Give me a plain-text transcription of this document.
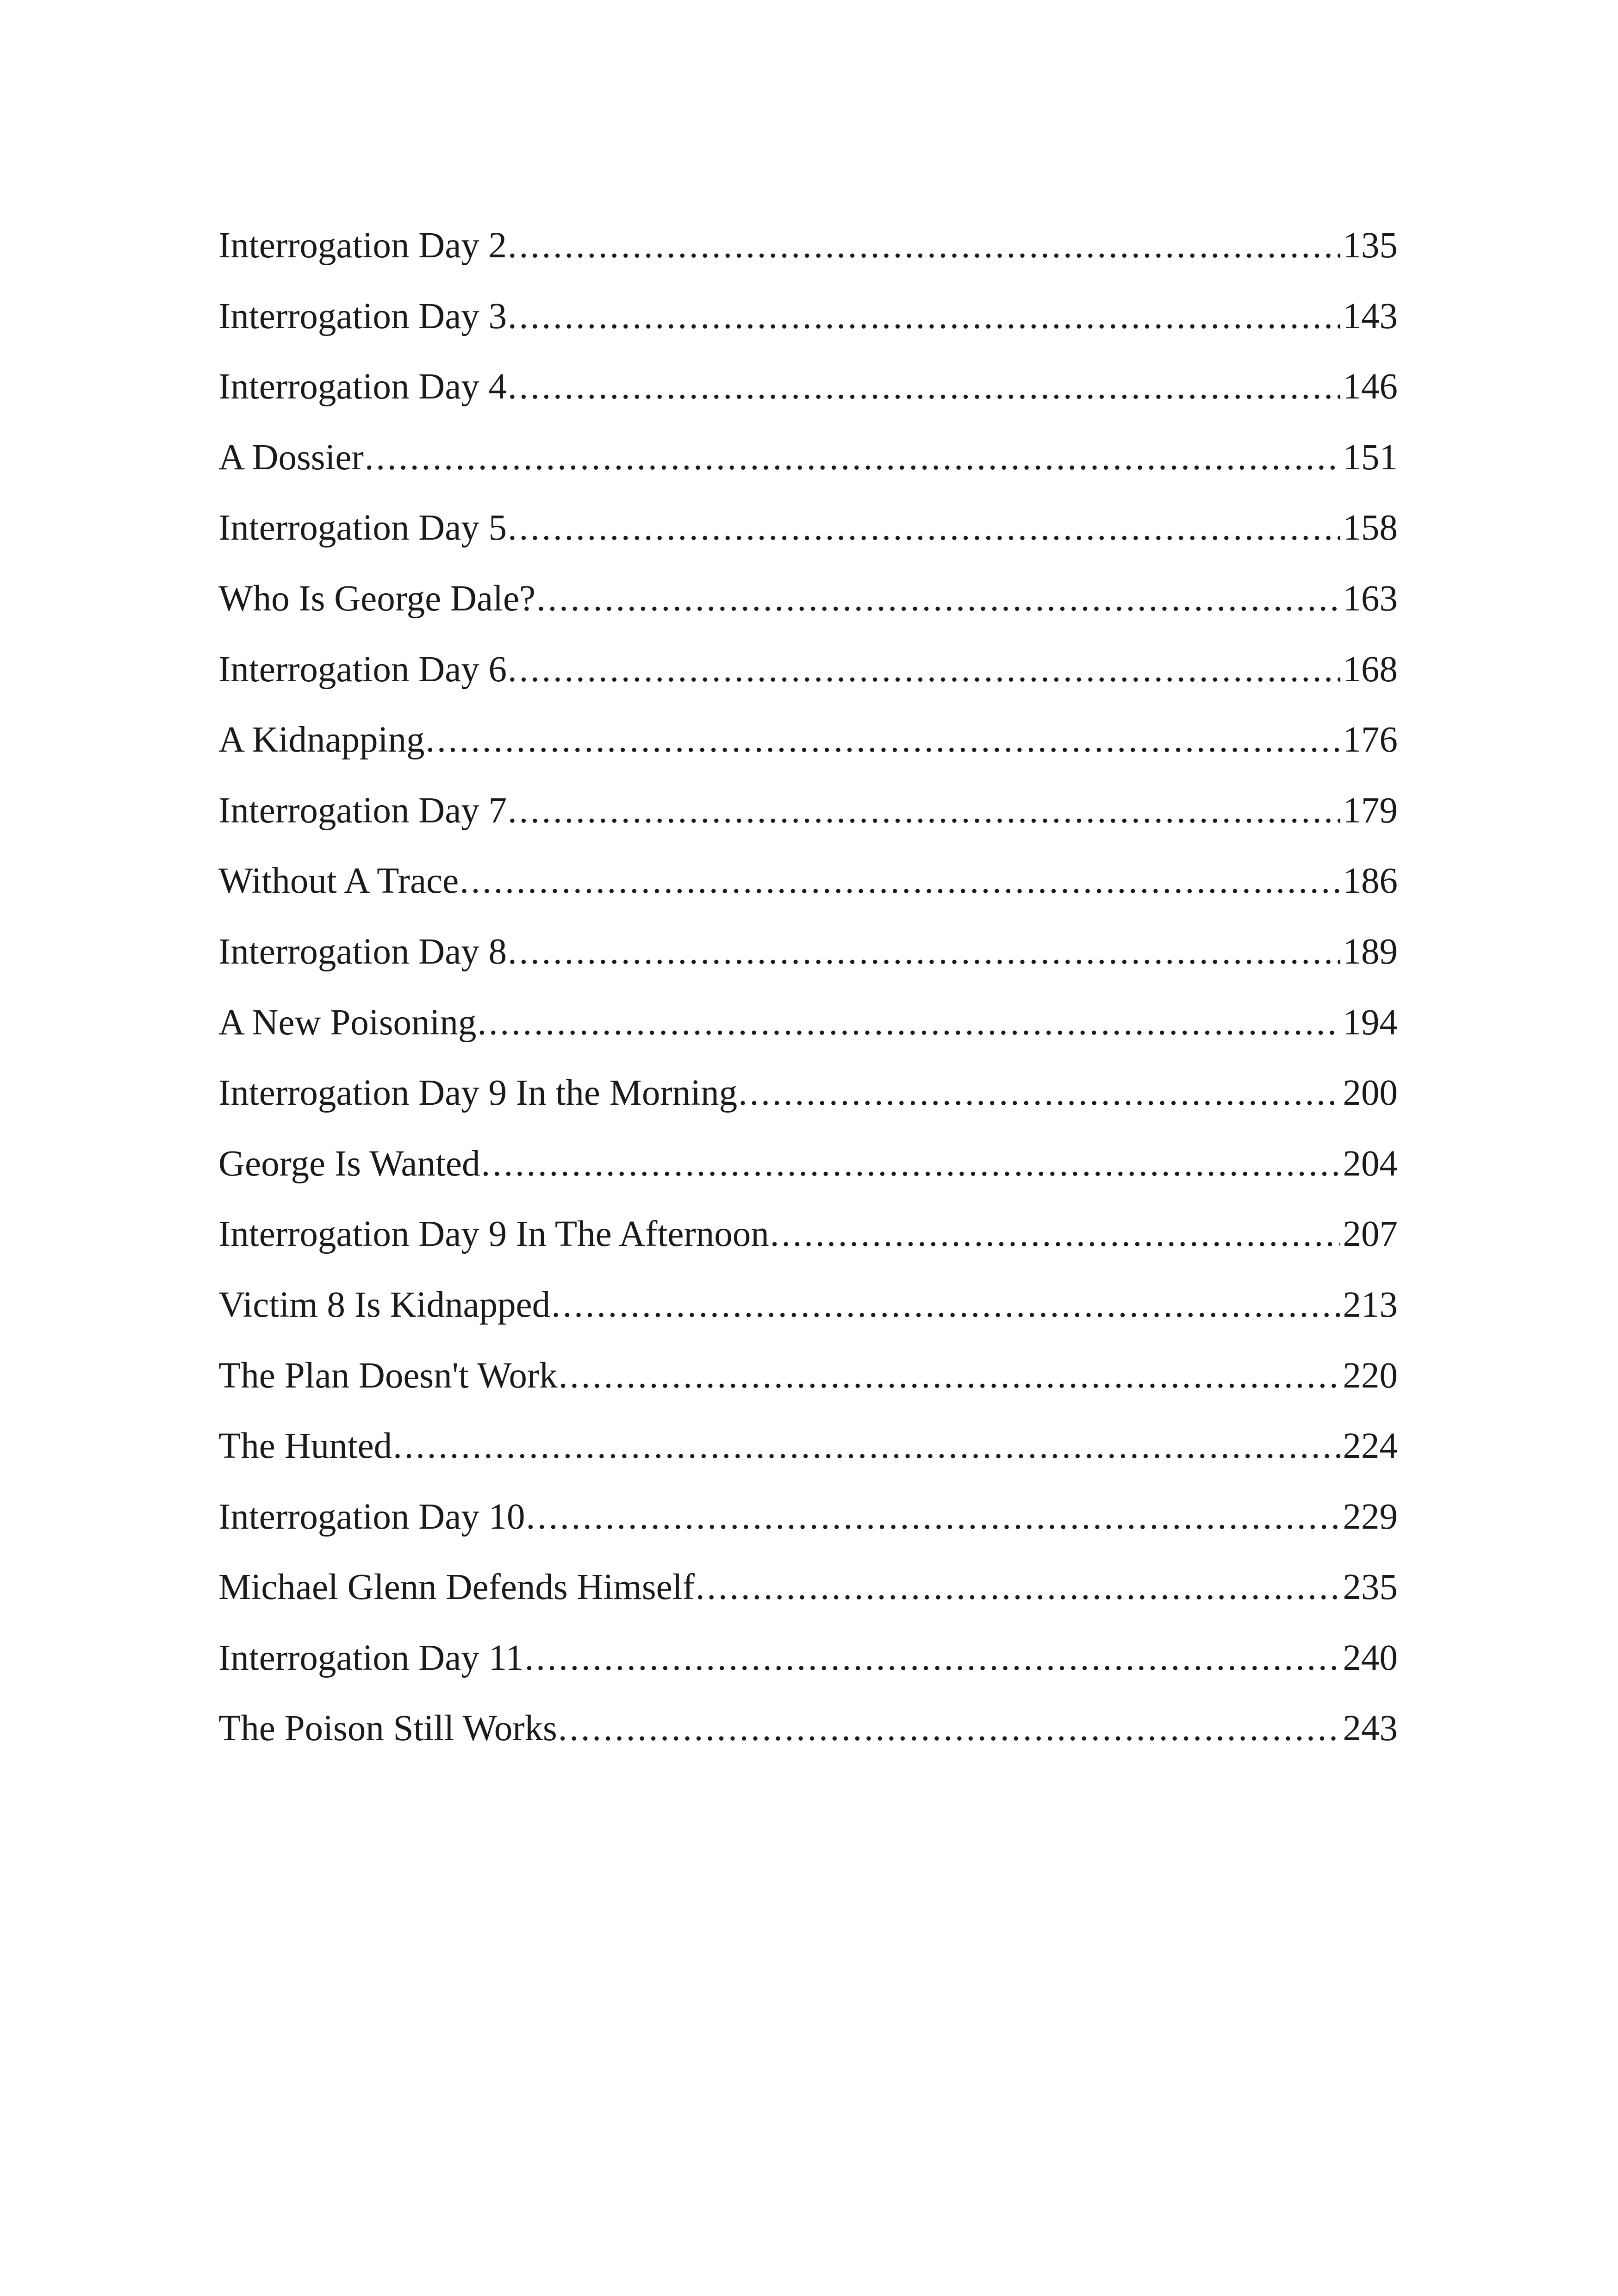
Interrogation Day 2 .....	135
Interrogation Day 3 .....	143
Interrogation Day 4 .....	146
A Dossier .....	151
Interrogation Day 5 .....	158
Who Is George Dale? .....	163
Interrogation Day 6 .....	168
A Kidnapping .....	176
Interrogation Day 7 .....	179
Without A Trace .....	186
Interrogation Day 8 .....	189
A New Poisoning .....	194
Interrogation Day 9 In the Morning .....	200
George Is Wanted .....	204
Interrogation Day 9 In The Afternoon .....	207
Victim 8 Is Kidnapped .....	213
The Plan Doesn't Work .....	220
The Hunted .....	224
Interrogation Day 10 .....	229
Michael Glenn Defends Himself .....	235
Interrogation Day 11 .....	240
The Poison Still Works .....	243
